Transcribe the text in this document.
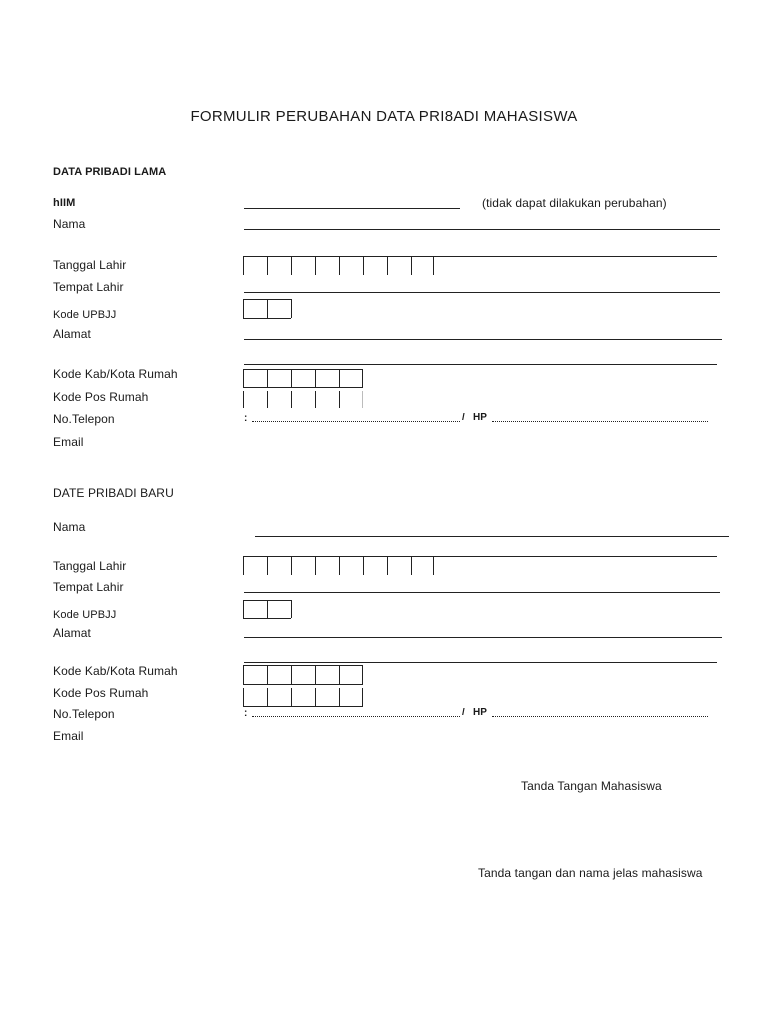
FORMULIR PERUBAHAN DATA PRI8ADI MAHASISWA
DATA PRIBADI LAMA
hIIM	(tidak dapat dilakukan perubahan)
Nama
Tanggal Lahir
Tempat Lahir
Kode UPBJJ
Alamat
Kode Kab/Kota Rumah
Kode Pos Rumah
No.Telepon	:	/ HP
Email
DATE PRIBADI BARU
Nama
Tanggal Lahir
Tempat Lahir
Kode UPBJJ
Alamat
Kode Kab/Kota Rumah
Kode Pos Rumah
No.Telepon	:	/ HP
Email
Tanda Tangan Mahasiswa
Tanda tangan dan nama jelas mahasiswa
